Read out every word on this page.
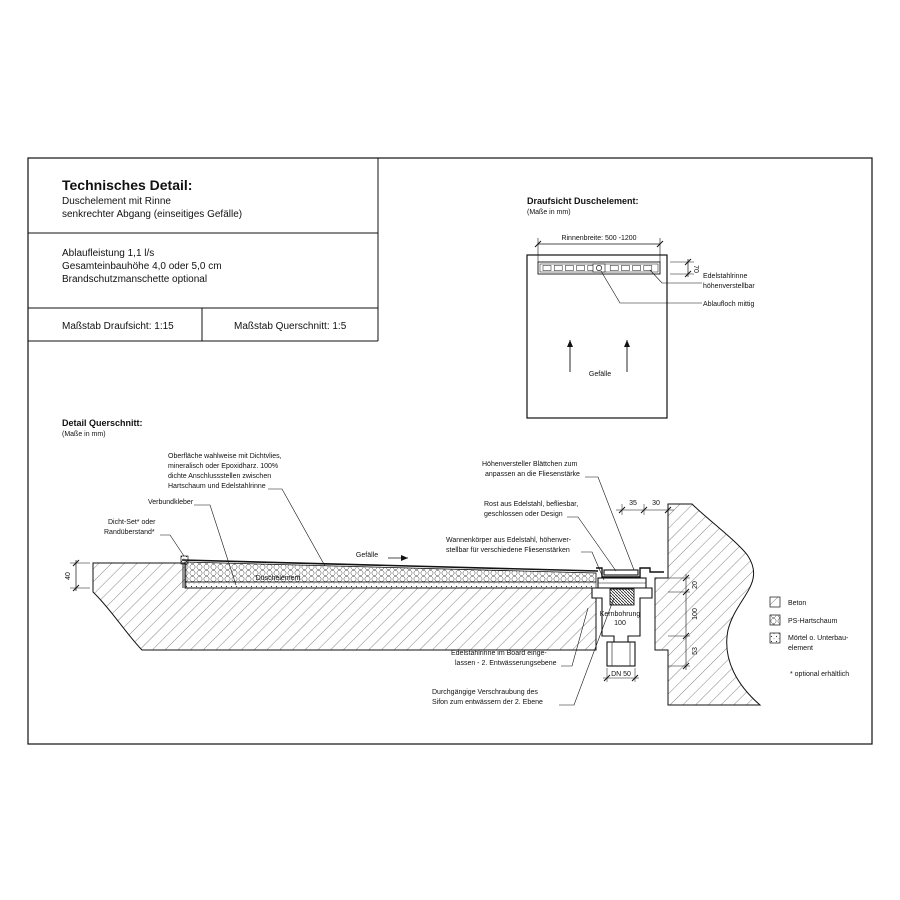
Technisches Detail:
Duschelement mit Rinne
senkrechter Abgang (einseitiges Gefälle)
Ablaufleistung 1,1 l/s
Gesamteinbauhöhe 4,0 oder 5,0 cm
Brandschutzmanschette optional
Maßstab Draufsicht: 1:15	Maßstab Querschnitt: 1:5
Draufsicht Duschelement:
(Maße in mm)
Rinnenbreite: 500 -1200
70
Edelstahlrinne
höhenverstellbar
Ablaufloch mittig
Gefälle
Detail Querschnitt:
(Maße in mm)
Kernbohrung
100
DN 50
40
35 30
20
100
53
Duschelement
Gefälle
Oberfläche wahlweise mit Dichtvlies,
mineralisch oder Epoxidharz. 100%
dichte Anschlussstellen zwischen
Hartschaum und Edelstahlrinne
Verbundkleber
Dicht-Set* oder
Randüberstand*
Höhenversteller Blättchen zum
anpassen an die Fliesenstärke
Rost aus Edelstahl, befliesbar,
geschlossen oder Design
Wannenkörper aus Edelstahl, höhenver-
stellbar für verschiedene Fliesenstärken
Edelstahlrinne im Board einge-
lassen - 2. Entwässerungsebene
Durchgängige Verschraubung des
Sifon zum entwässern der 2. Ebene
Beton
PS-Hartschaum
Mörtel o. Unterbau-
element
* optional erhältlich
